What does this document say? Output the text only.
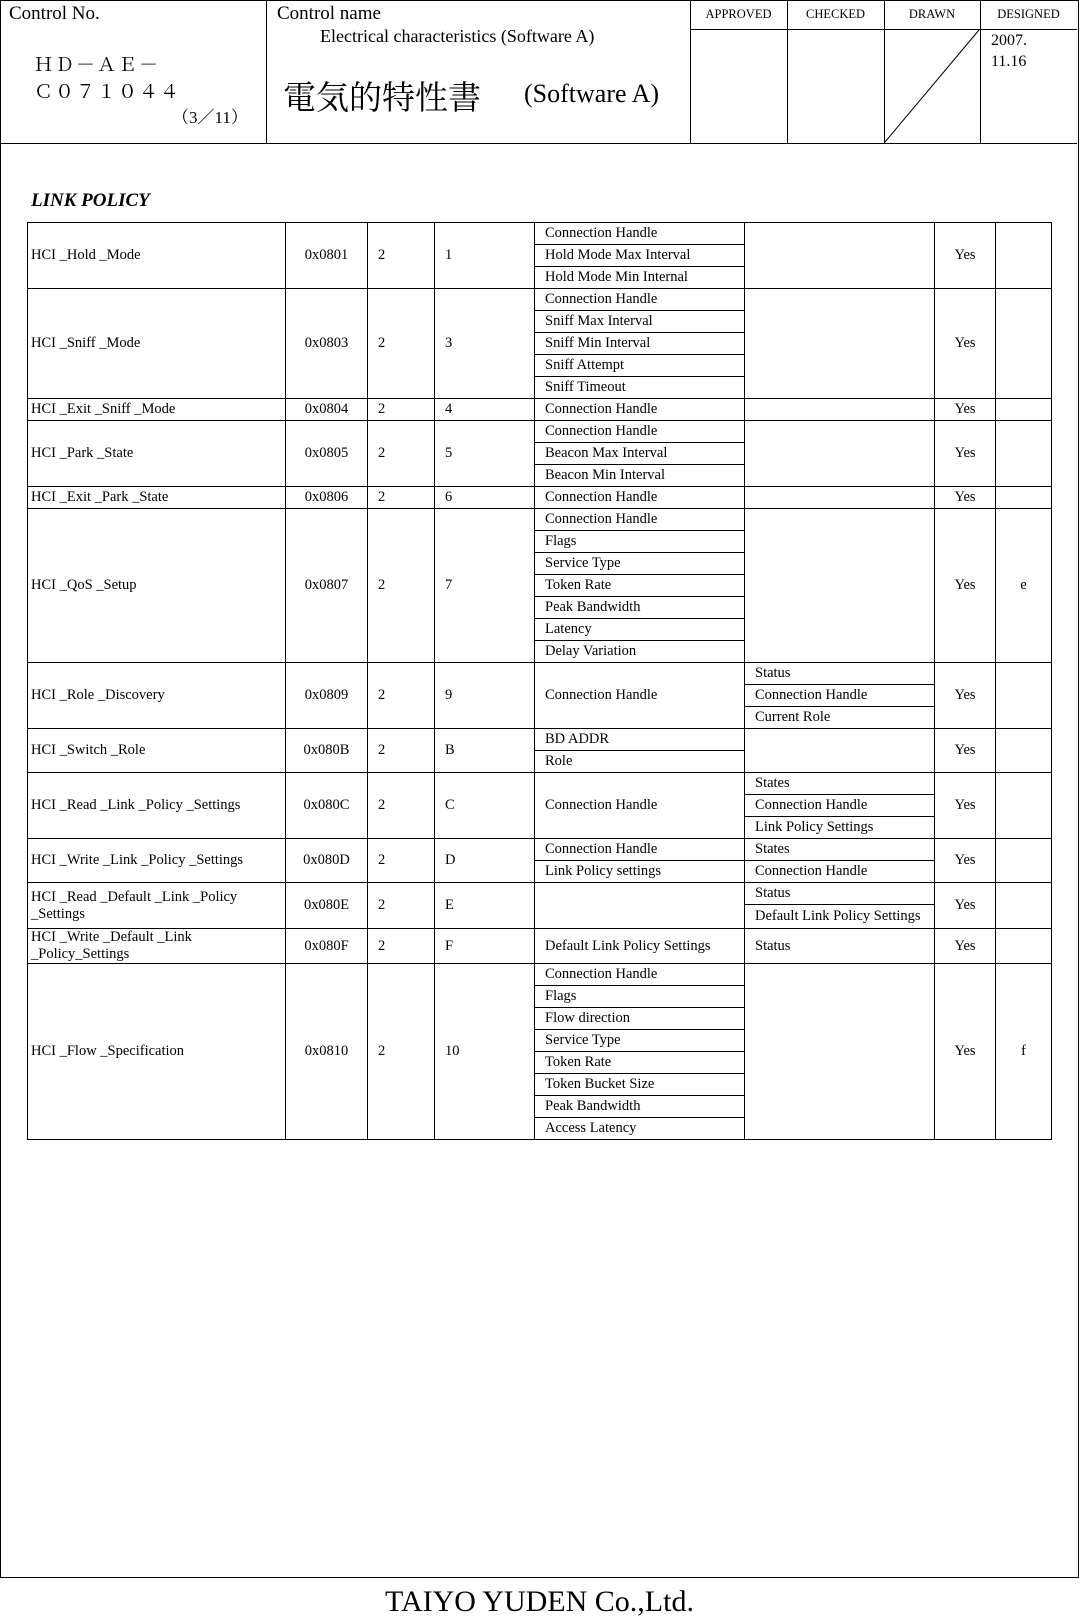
Control No.
ＨＤ－ＡＥ－
Ｃ０７１０４４
（3／11）
Control name
Electrical characteristics (Software A)
電気的特性書 (Software A)
APPROVED	CHECKED	DRAWN	DESIGNED
2007.
11.16
LINK POLICY
HCI _Hold _Mode	0x0801	2	1	Connection Handle		Yes	
				Hold Mode Max Interval			
				Hold Mode Min Internal			
HCI _Sniff _Mode	0x0803	2	3	Connection Handle		Yes	
				Sniff Max Interval			
				Sniff Min Interval			
				Sniff Attempt			
				Sniff Timeout			
HCI _Exit _Sniff _Mode	0x0804	2	4	Connection Handle		Yes	
HCI _Park _State	0x0805	2	5	Connection Handle		Yes	
				Beacon Max Interval			
				Beacon Min Interval			
HCI _Exit _Park _State	0x0806	2	6	Connection Handle		Yes	
HCI _QoS _Setup	0x0807	2	7	Connection Handle		Yes	e
				Flags			
				Service Type			
				Token Rate			
				Peak Bandwidth			
				Latency			
				Delay Variation			
HCI _Role _Discovery	0x0809	2	9	Connection Handle	Status	Yes	
					Connection Handle		
					Current Role		
HCI _Switch _Role	0x080B	2	B	BD ADDR		Yes	
				Role			
HCI _Read _Link _Policy _Settings	0x080C	2	C	Connection Handle	States	Yes	
					Connection Handle		
					Link Policy Settings		
HCI _Write _Link _Policy _Settings	0x080D	2	D	Connection Handle	States	Yes	
				Link Policy settings	Connection Handle		
HCI _Read _Default _Link _Policy _Settings	0x080E	2	E		Status	Yes	
					Default Link Policy Settings		
HCI _Write _Default _Link _Policy_Settings	0x080F	2	F	Default Link Policy Settings	Status	Yes	
HCI _Flow _Specification	0x0810	2	10	Connection Handle		Yes	f
				Flags			
				Flow direction			
				Service Type			
				Token Rate			
				Token Bucket Size			
				Peak Bandwidth			
				Access Latency			
TAIYO YUDEN Co.,Ltd.
